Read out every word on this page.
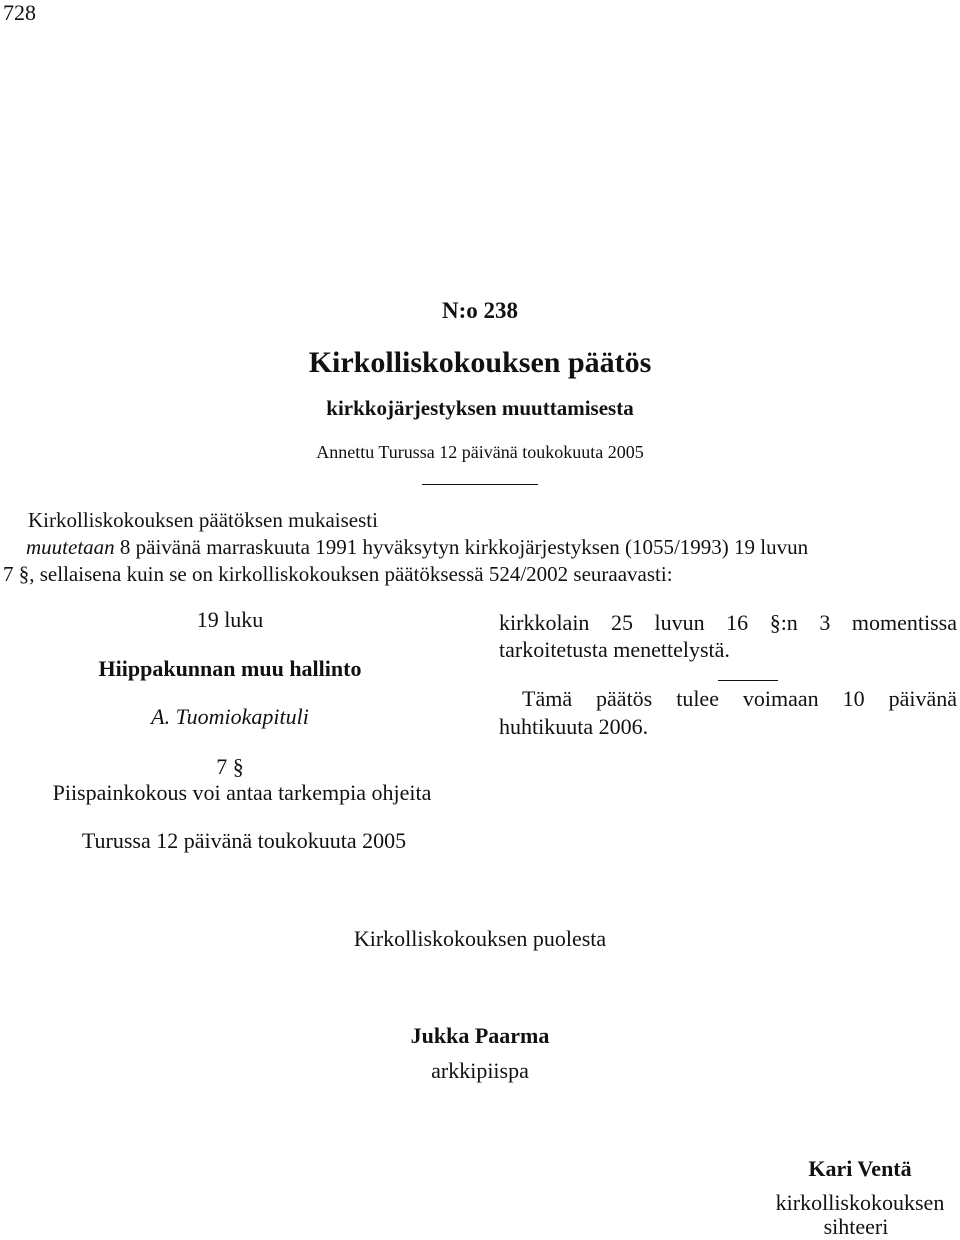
728
N:o 238
Kirkolliskokouksen päätös
kirkkojärjestyksen muuttamisesta
Annettu Turussa 12 päivänä toukokuuta 2005
Kirkolliskokouksen päätöksen mukaisesti
muutetaan 8 päivänä marraskuuta 1991 hyväksytyn kirkkojärjestyksen (1055/1993) 19 luvun
7 §, sellaisena kuin se on kirkolliskokouksen päätöksessä 524/2002 seuraavasti:
19 luku
Hiippakunnan muu hallinto
A. Tuomiokapituli
7 §
Piispainkokous voi antaa tarkempia ohjeita
Turussa 12 päivänä toukokuuta 2005
kirkkolain 25 luvun 16 §:n 3 momentissa
tarkoitetusta menettelystä.
Tämä päätös tulee voimaan 10 päivänä
huhtikuuta 2006.
Kirkolliskokouksen puolesta
Jukka Paarma
arkkipiispa
Kari Ventä
kirkolliskokouksen
sihteeri
